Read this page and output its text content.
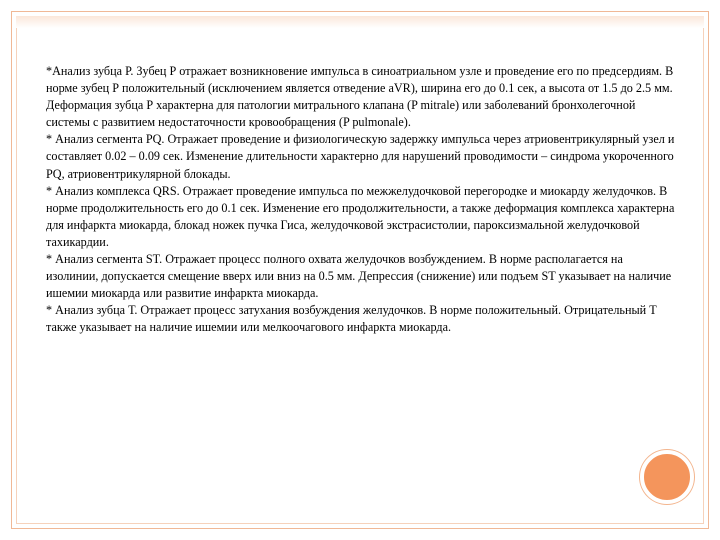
*Анализ зубца Р. Зубец Р отражает возникновение импульса в синоатриальном узле и проведение его по предсердиям. В норме зубец Р положительный (исключением является отведение aVR), ширина его до 0.1 сек, а высота от 1.5 до 2.5 мм. Деформация зубца Р характерна для патологии митрального клапана (P mitrale) или заболеваний бронхолегочной системы с развитием недостаточности кровообращения (P pulmonale).

* Анализ сегмента PQ. Отражает проведение и физиологическую задержку импульса через атриовентрикулярный узел и составляет 0.02 – 0.09 сек. Изменение длительности характерно для нарушений проводимости – синдрома укороченного PQ, атриовентрикулярной блокады.

* Анализ комплекса QRS. Отражает проведение импульса по межжелудочковой перегородке и миокарду желудочков. В норме продолжительность его до 0.1 сек. Изменение его продолжительности, а также деформация комплекса характерна для инфаркта миокарда, блокад ножек пучка Гиса, желудочковой экстрасистолии, пароксизмальной желудочковой тахикардии.

* Анализ сегмента ST. Отражает процесс полного охвата желудочков возбуждением. В норме располагается на изолинии, допускается смещение вверх или вниз на 0.5 мм. Депрессия (снижение) или подъем ST указывает на наличие ишемии миокарда или развитие инфаркта миокарда.

* Анализ зубца Т. Отражает процесс затухания возбуждения желудочков. В норме положительный. Отрицательный Т также указывает на наличие ишемии или мелкоочагового инфаркта миокарда.
